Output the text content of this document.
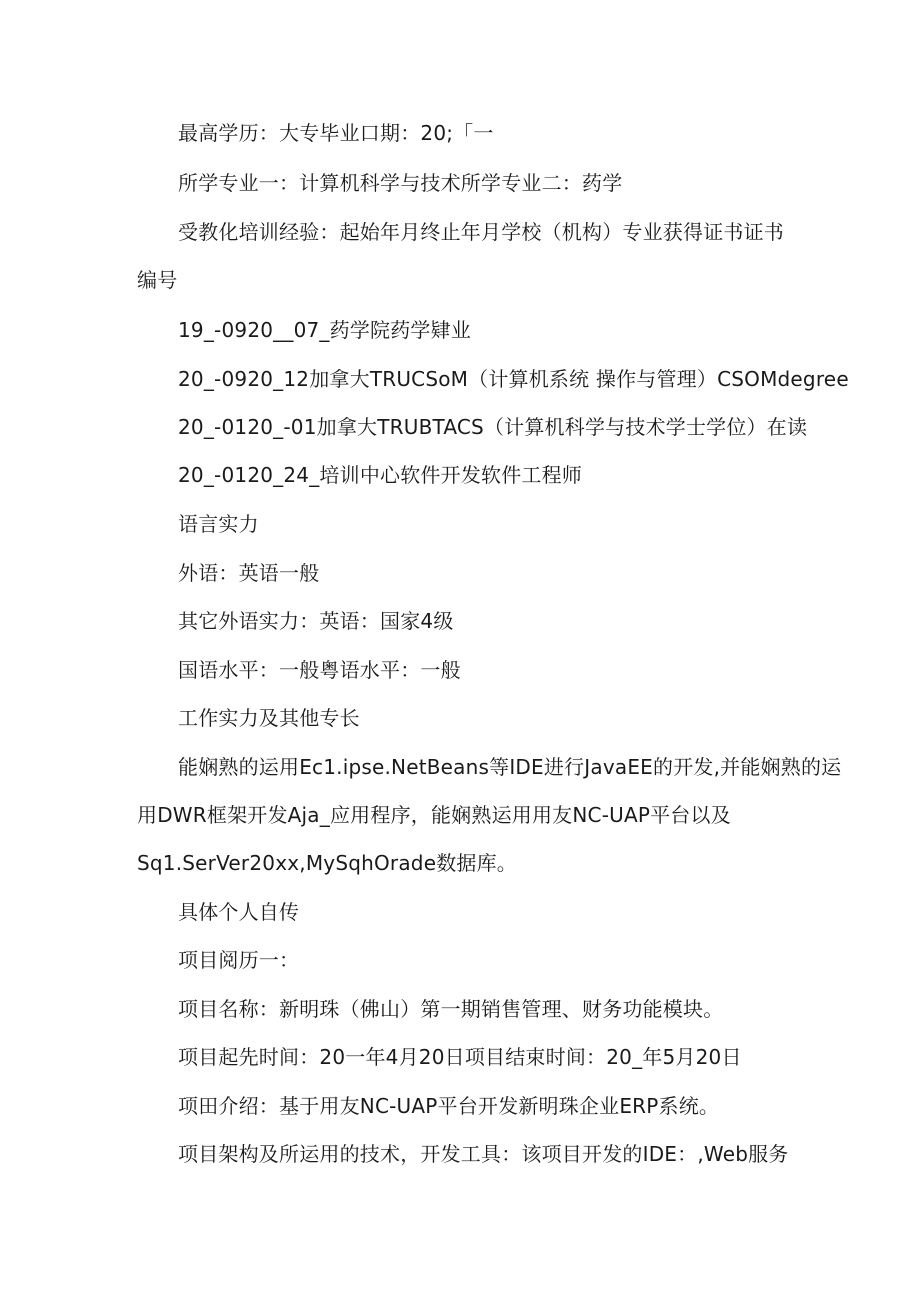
最高学历：大专毕业口期：20;「一
所学专业一：计算机科学与技术所学专业二：药学
受教化培训经验：起始年月终止年月学校（机构）专业获得证书证书
编号
19_-0920__07_药学院药学肄业
20_-0920_12加拿大TRUCSoM（计算机系统 操作与管理）CSOMdegree
20_-0120_-01加拿大TRUBTACS（计算机科学与技术学士学位）在读
20_-0120_24_培训中心软件开发软件工程师
语言实力
外语：英语一般
其它外语实力：英语：国家4级
国语水平：一般粤语水平：一般
工作实力及其他专长
能娴熟的运用Ec1.ipse.NetBeans等IDE进行JavaEE的开发,并能娴熟的运
用DWR框架开发Aja_应用程序，能娴熟运用用友NC-UAP平台以及
Sq1.SerVer20xx,MySqhOrade数据库。
具体个人自传
项目阅历一：
项目名称：新明珠（佛山）第一期销售管理、财务功能模块。
项目起先时间：20一年4月20日项目结束时间：20_年5月20日
项田介绍：基于用友NC-UAP平台开发新明珠企业ERP系统。
项目架构及所运用的技术，开发工具：该项目开发的IDE：,Web服务
